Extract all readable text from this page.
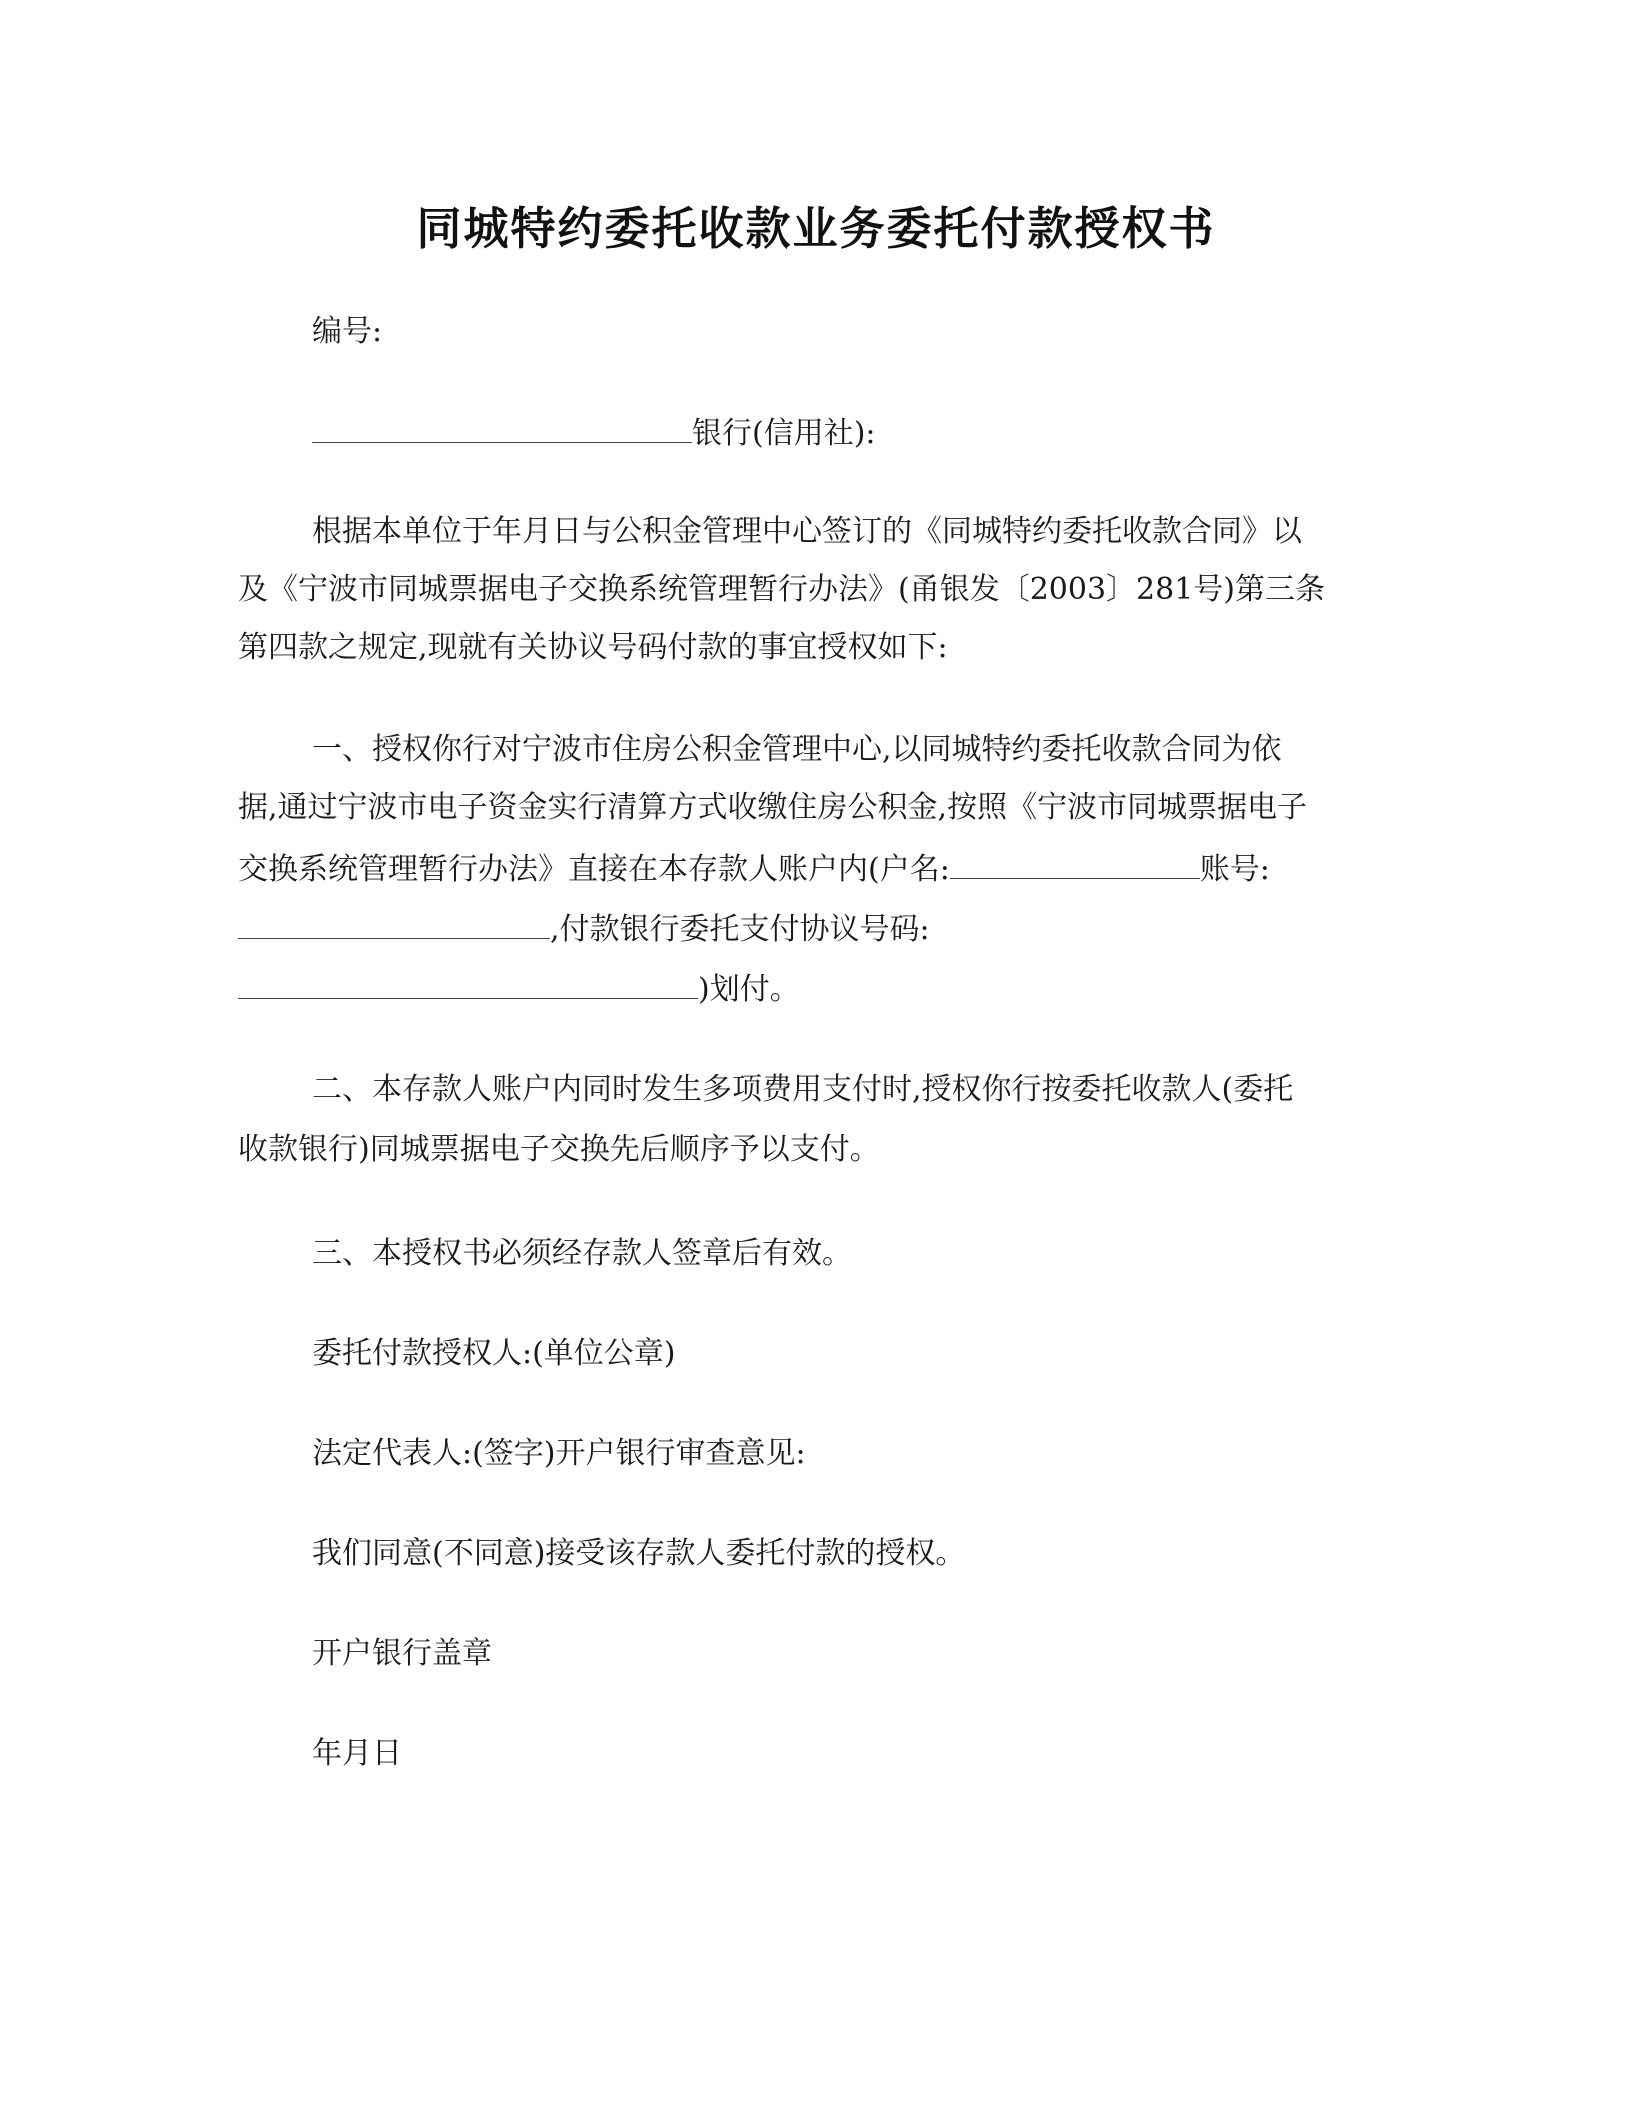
同城特约委托收款业务委托付款授权书
编号:
银行(信用社):
根据本单位于年月日与公积金管理中心签订的《同城特约委托收款合同》以
及《宁波市同城票据电子交换系统管理暂行办法》(甬银发〔2003〕281号)第三条
第四款之规定,现就有关协议号码付款的事宜授权如下:
一、授权你行对宁波市住房公积金管理中心,以同城特约委托收款合同为依
据,通过宁波市电子资金实行清算方式收缴住房公积金,按照《宁波市同城票据电子
交换系统管理暂行办法》直接在本存款人账户内(户名:	账号:
,付款银行委托支付协议号码:
)划付。
二、本存款人账户内同时发生多项费用支付时,授权你行按委托收款人(委托
收款银行)同城票据电子交换先后顺序予以支付。
三、本授权书必须经存款人签章后有效。
委托付款授权人:(单位公章)
法定代表人:(签字)开户银行审查意见:
我们同意(不同意)接受该存款人委托付款的授权。
开户银行盖章
年月日
